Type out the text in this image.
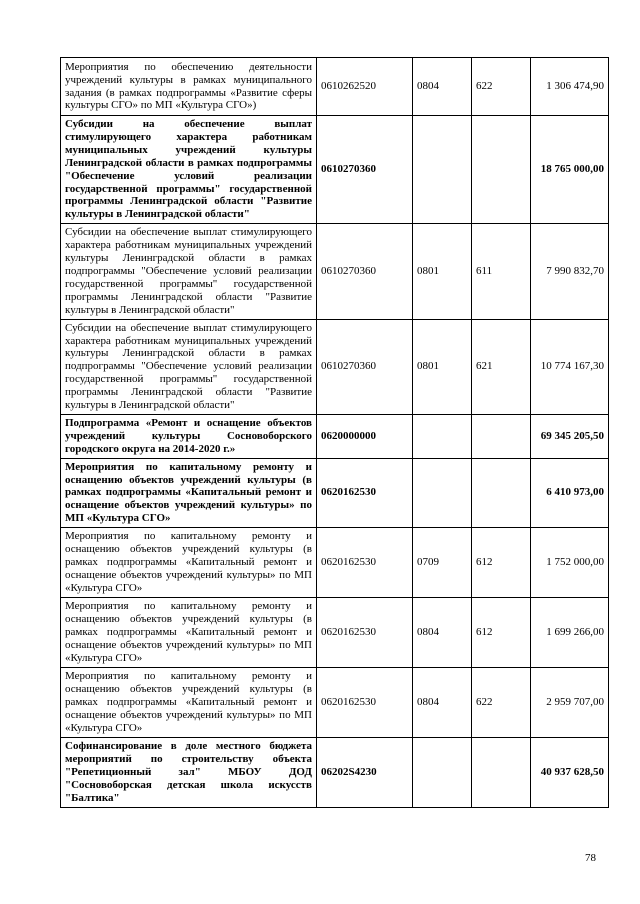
Мероприятия по обеспечению деятельности учреждений культуры в рамках муниципального задания (в рамках подпрограммы «Развитие сферы культуры СГО» по МП «Культура СГО»)	0610262520	0804	622	1 306 474,90
Субсидии на обеспечение выплат стимулирующего характера работникам муниципальных учреждений культуры Ленинградской области в рамках подпрограммы "Обеспечение условий реализации государственной программы" государственной программы Ленинградской области "Развитие культуры в Ленинградской области"	0610270360			18 765 000,00
Субсидии на обеспечение выплат стимулирующего характера работникам муниципальных учреждений культуры Ленинградской области в рамках подпрограммы "Обеспечение условий реализации государственной программы" государственной программы Ленинградской области "Развитие культуры в Ленинградской области"	0610270360	0801	611	7 990 832,70
Субсидии на обеспечение выплат стимулирующего характера работникам муниципальных учреждений культуры Ленинградской области в рамках подпрограммы "Обеспечение условий реализации государственной программы" государственной программы Ленинградской области "Развитие культуры в Ленинградской области"	0610270360	0801	621	10 774 167,30
Подпрограмма «Ремонт и оснащение объектов учреждений культуры Сосновоборского городского округа на 2014-2020 г.»	0620000000			69 345 205,50
Мероприятия по капитальному ремонту и оснащению объектов учреждений культуры (в рамках подпрограммы «Капитальный ремонт и оснащение объектов учреждений культуры» по МП «Культура СГО»	0620162530			6 410 973,00
Мероприятия по капитальному ремонту и оснащению объектов учреждений культуры (в рамках подпрограммы «Капитальный ремонт и оснащение объектов учреждений культуры» по МП «Культура СГО»	0620162530	0709	612	1 752 000,00
Мероприятия по капитальному ремонту и оснащению объектов учреждений культуры (в рамках подпрограммы «Капитальный ремонт и оснащение объектов учреждений культуры» по МП «Культура СГО»	0620162530	0804	612	1 699 266,00
Мероприятия по капитальному ремонту и оснащению объектов учреждений культуры (в рамках подпрограммы «Капитальный ремонт и оснащение объектов учреждений культуры» по МП «Культура СГО»	0620162530	0804	622	2 959 707,00
Софинансирование в доле местного бюджета мероприятий по строительству объекта "Репетиционный зал" МБОУ ДОД "Сосновоборская детская школа искусств "Балтика"	06202S4230			40 937 628,50
78
